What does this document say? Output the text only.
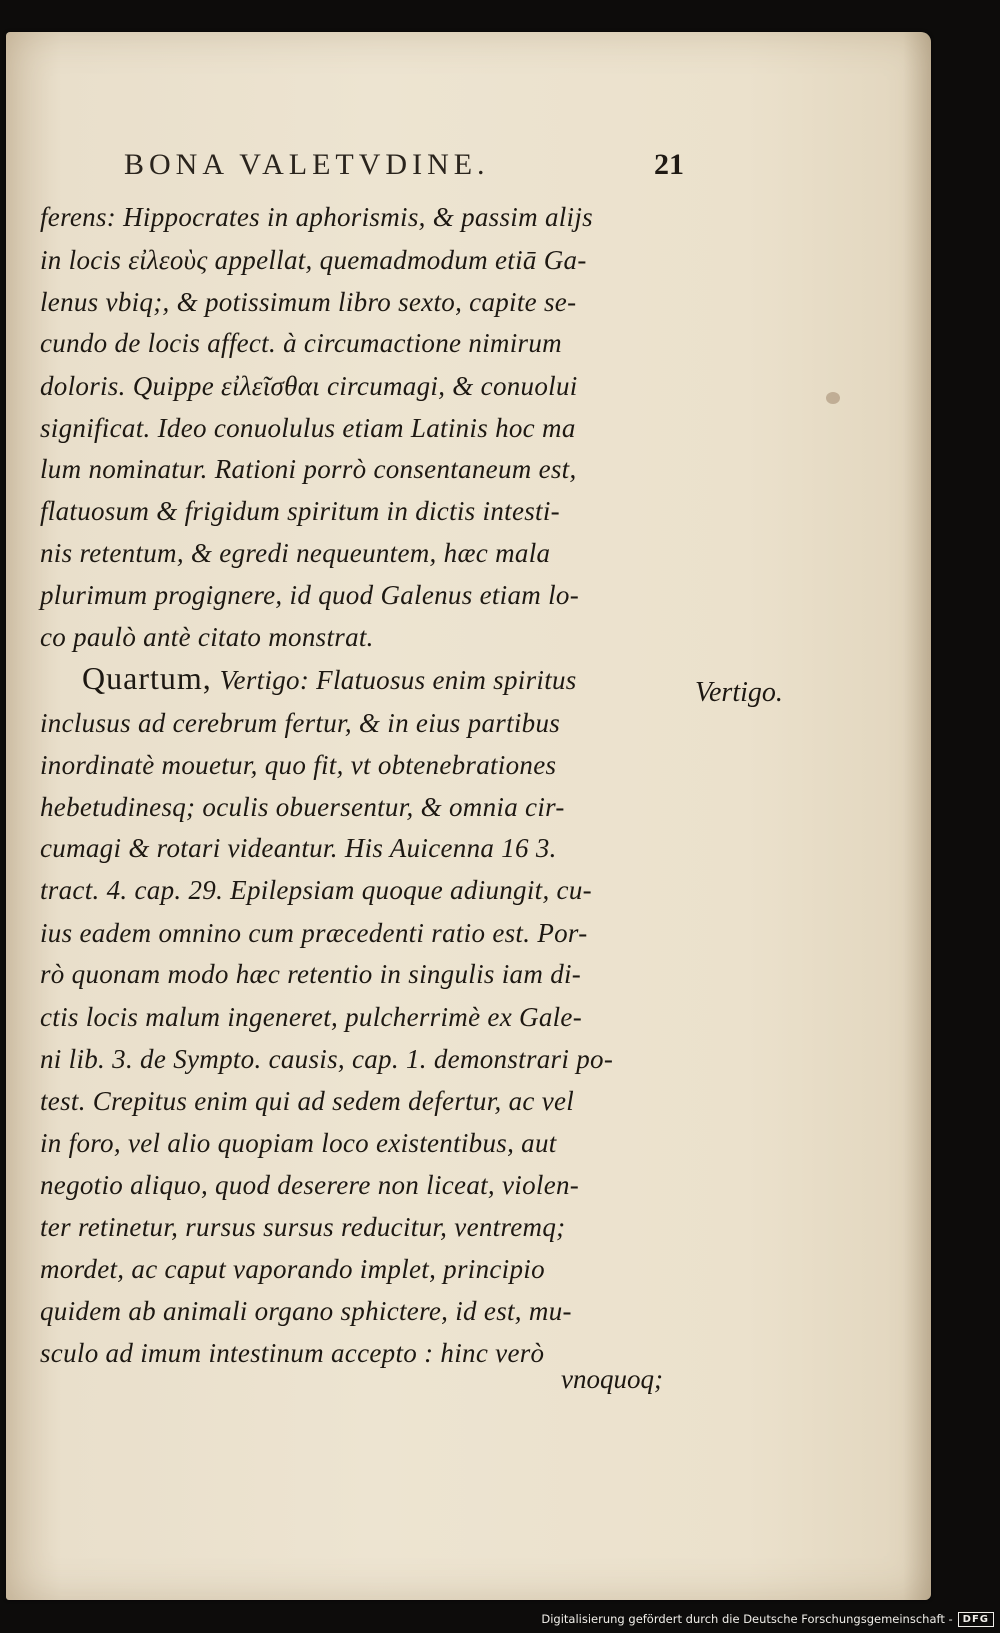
BONA VALETVDINE.	21
ferens: Hippocrates in aphorismis, & passim alijs
in locis εἰλεοὺς appellat, quemadmodum etiā Ga-
lenus vbiq;, & potissimum libro sexto, capite se-
cundo de locis affect. à circumactione nimirum
doloris. Quippe εἰλεῖσθαι circumagi, & conuolui
significat. Ideo conuolulus etiam Latinis hoc ma
lum nominatur. Rationi porrò consentaneum est,
flatuosum & frigidum spiritum in dictis intesti-
nis retentum, & egredi nequeuntem, hæc mala
plurimum progignere, id quod Galenus etiam lo-
co paulò antè citato monstrat.
Quartum, Vertigo: Flatuosus enim spiritus
inclusus ad cerebrum fertur, & in eius partibus
inordinatè mouetur, quo fit, vt obtenebrationes
hebetudinesq; oculis obuersentur, & omnia cir-
cumagi & rotari videantur. His Auicenna 16 3.
tract. 4. cap. 29. Epilepsiam quoque adiungit, cu-
ius eadem omnino cum præcedenti ratio est. Por-
rò quonam modo hæc retentio in singulis iam di-
ctis locis malum ingeneret, pulcherrimè ex Gale-
ni lib. 3. de Sympto. causis, cap. 1. demonstrari po-
test. Crepitus enim qui ad sedem defertur, ac vel
in foro, vel alio quopiam loco existentibus, aut
negotio aliquo, quod deserere non liceat, violen-
ter retinetur, rursus sursus reducitur, ventremq;
mordet, ac caput vaporando implet, principio
quidem ab animali organo sphictere, id est, mu-
sculo ad imum intestinum accepto : hinc verò
Vertigo.
vnoquoq;
Digitalisierung gefördert durch die Deutsche Forschungsgemeinschaft -	DFG
